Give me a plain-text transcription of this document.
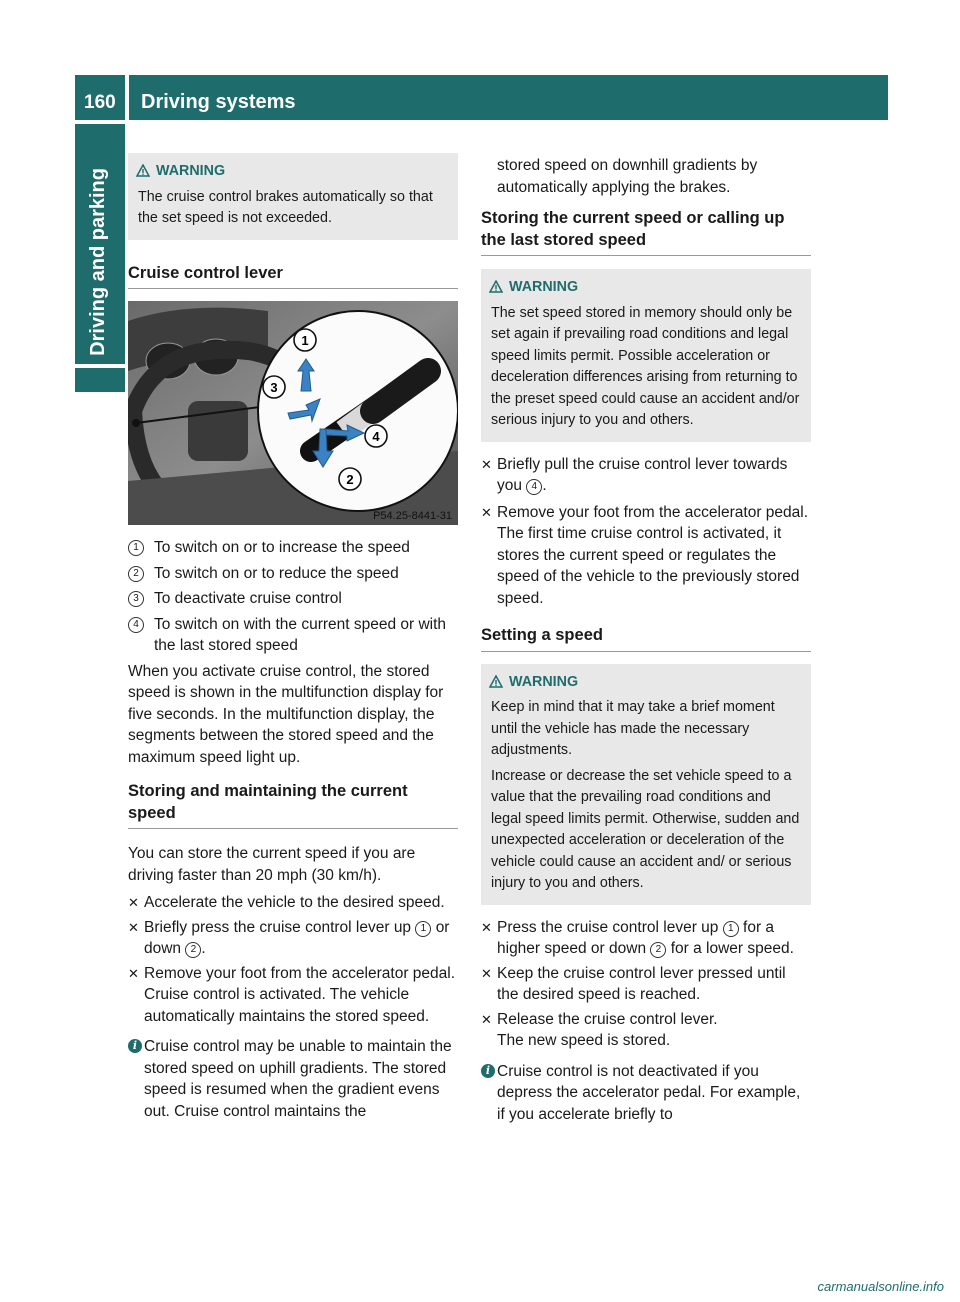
160 Driving systems
Driving and parking	WARNING

The cruise control brakes automatically so that the set speed is not exceeded.

Cruise control lever
1
3
4
2
P54.25-8441-31
1 To switch on or to increase the speed
2 To switch on or to reduce the speed
3 To deactivate cruise control
4 To switch on with the current speed or with the last stored speed

When you activate cruise control, the stored speed is shown in the multifunction display for five seconds. In the multifunction display, the segments between the stored speed and the maximum speed light up.

Storing and maintaining the current speed

You can store the current speed if you are driving faster than 20 mph (30 km/h).

✕ Accelerate the vehicle to the desired speed.
✕ Briefly press the cruise control lever up 1 or down 2 .
✕ Remove your foot from the accelerator pedal.
Cruise control is activated. The vehicle automatically maintains the stored speed.
i Cruise control may be unable to maintain the stored speed on uphill gradients. The stored speed is resumed when the gradient evens out. Cruise control maintains the

stored speed on downhill gradients by automatically applying the brakes.

Storing the current speed or calling up the last stored speed
WARNING

The set speed stored in memory should only be set again if prevailing road conditions and legal speed limits permit. Possible acceleration or deceleration differences arising from returning to the preset speed could cause an accident and/or serious injury to you and others.

✕ Briefly pull the cruise control lever towards you 4 .
✕ Remove your foot from the accelerator pedal.
The first time cruise control is activated, it stores the current speed or regulates the speed of the vehicle to the previously stored speed.
Setting a speed
WARNING

Keep in mind that it may take a brief moment until the vehicle has made the necessary adjustments.

Increase or decrease the set vehicle speed to a value that the prevailing road conditions and legal speed limits permit. Otherwise, sudden and unexpected acceleration or deceleration of the vehicle could cause an accident and/ or serious injury to you and others.

✕ Press the cruise control lever up 1 for a higher speed or down 2 for a lower speed.
✕ Keep the cruise control lever pressed until the desired speed is reached.
✕ Release the cruise control lever.
The new speed is stored.
i Cruise control is not deactivated if you depress the accelerator pedal. For example, if you accelerate briefly to
carmanualsonline.info
